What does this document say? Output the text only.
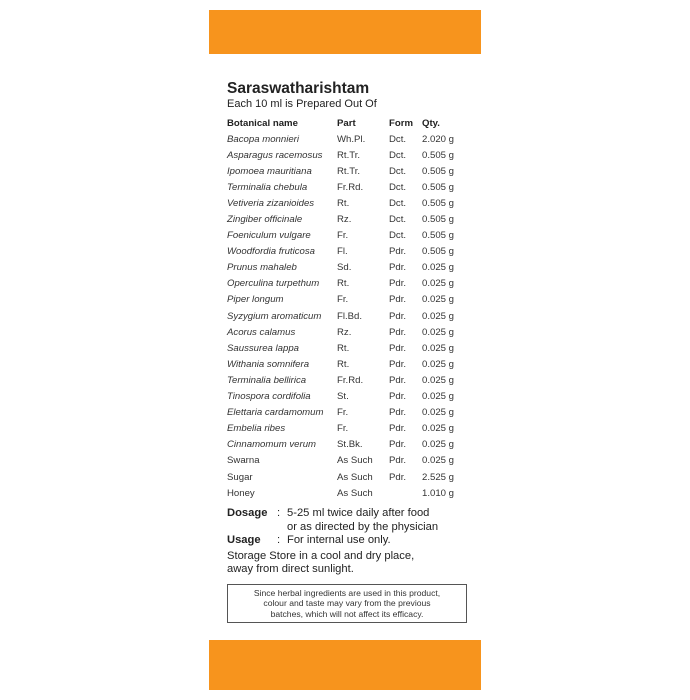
Saraswatharishtam

Each 10 ml is Prepared Out Of

Botanical name	Part	Form	Qty.
Bacopa monnieri	Wh.Pl.	Dct.	2.020 g
Asparagus racemosus	Rt.Tr.	Dct.	0.505 g
Ipomoea mauritiana	Rt.Tr.	Dct.	0.505 g
Terminalia chebula	Fr.Rd.	Dct.	0.505 g
Vetiveria zizanioides	Rt.	Dct.	0.505 g
Zingiber officinale	Rz.	Dct.	0.505 g
Foeniculum vulgare	Fr.	Dct.	0.505 g
Woodfordia fruticosa	Fl.	Pdr.	0.505 g
Prunus mahaleb	Sd.	Pdr.	0.025 g
Operculina turpethum	Rt.	Pdr.	0.025 g
Piper longum	Fr.	Pdr.	0.025 g
Syzygium aromaticum	Fl.Bd.	Pdr.	0.025 g
Acorus calamus	Rz.	Pdr.	0.025 g
Saussurea lappa	Rt.	Pdr.	0.025 g
Withania somnifera	Rt.	Pdr.	0.025 g
Terminalia bellirica	Fr.Rd.	Pdr.	0.025 g
Tinospora cordifolia	St.	Pdr.	0.025 g
Elettaria cardamomum	Fr.	Pdr.	0.025 g
Embelia ribes	Fr.	Pdr.	0.025 g
Cinnamomum verum	St.Bk.	Pdr.	0.025 g
Swarna	As Such	Pdr.	0.025 g
Sugar	As Such	Pdr.	2.525 g
Honey	As Such		1.010 g
Dosage : 5-25 ml twice daily after food
or as directed by the physician
Usage	: For internal use only.
Storage Store in a cool and dry place,
away from direct sunlight.
Since herbal ingredients are used in this product,
colour and taste may vary from the previous
batches, which will not affect its efficacy.
